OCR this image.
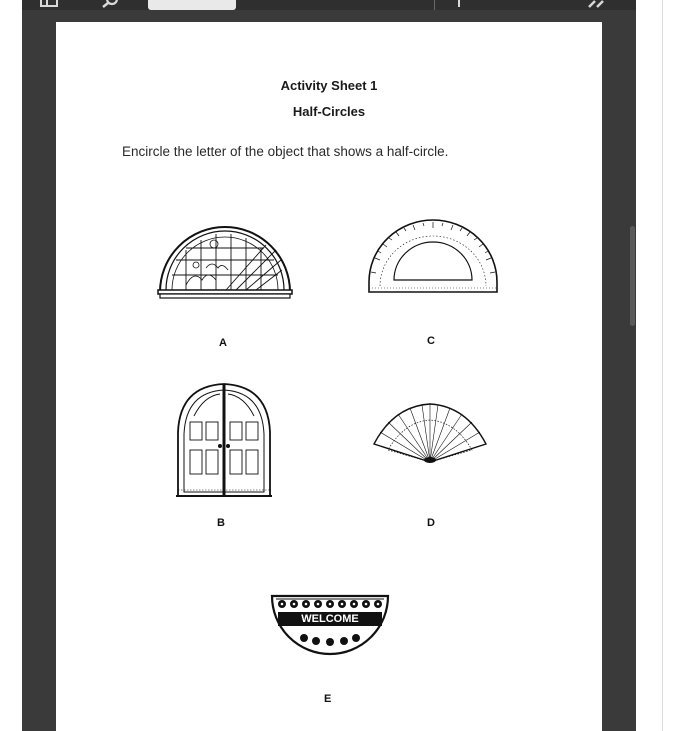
Activity Sheet 1
Half-Circles
Encircle the letter of the object that shows a half-circle.
A	C
B	D
WELCOME
E
